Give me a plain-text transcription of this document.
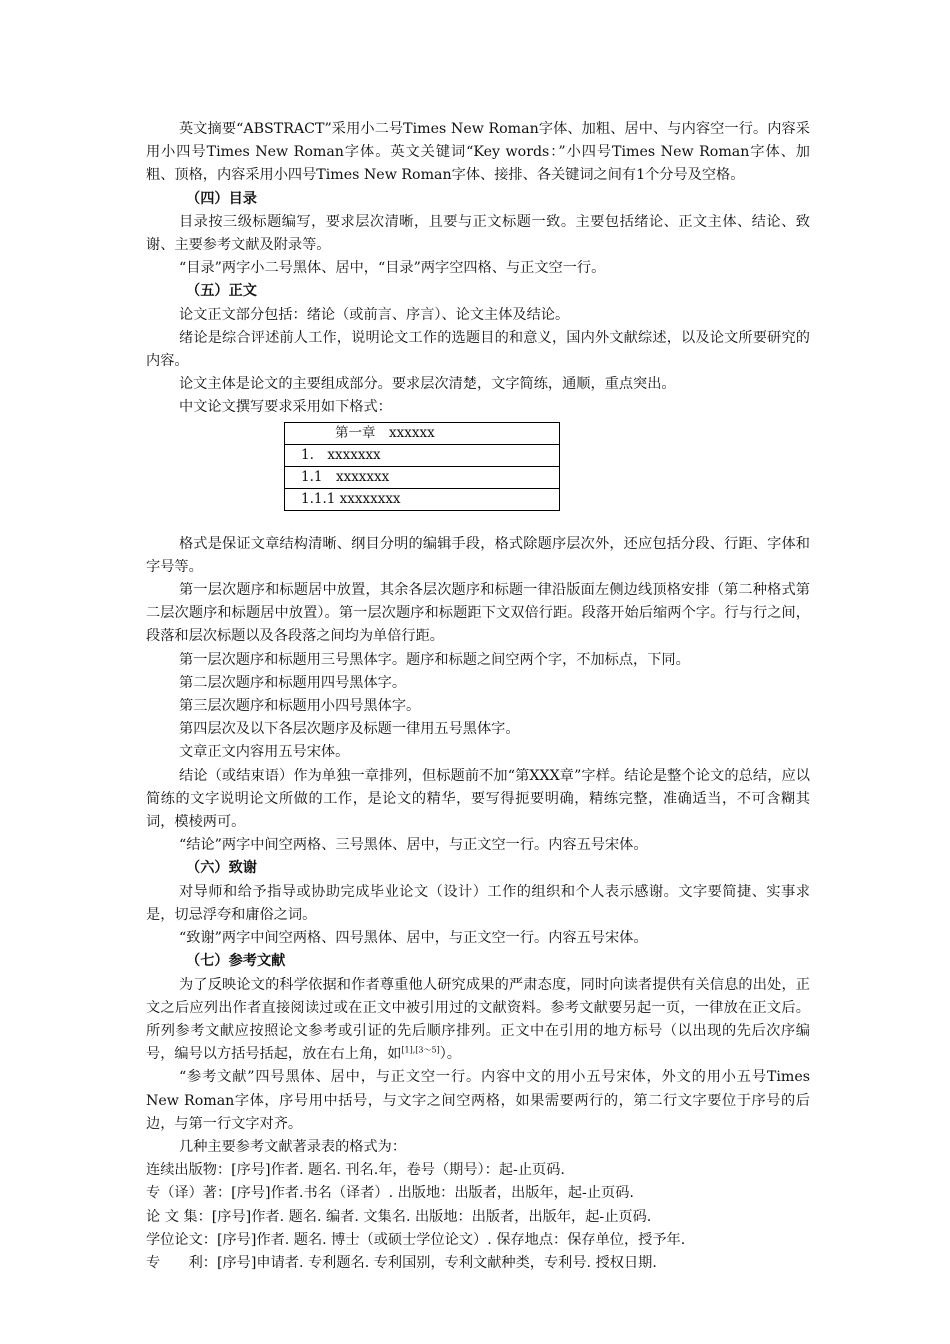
英文摘要“ABSTRACT”采用小二号Times New Roman字体、加粗、居中、与内容空一行。内容采用小四号Times New Roman字体。英文关键词“Key words：”小四号Times New Roman字体、加粗、顶格，内容采用小四号Times New Roman字体、接排、各关键词之间有1个分号及空格。

（四）目录

目录按三级标题编写，要求层次清晰，且要与正文标题一致。主要包括绪论、正文主体、结论、致谢、主要参考文献及附录等。

“目录”两字小二号黑体、居中，“目录”两字空四格、与正文空一行。

（五）正文

论文正文部分包括：绪论（或前言、序言）、论文主体及结论。

绪论是综合评述前人工作，说明论文工作的选题目的和意义，国内外文献综述，以及论文所要研究的内容。

论文主体是论文的主要组成部分。要求层次清楚，文字简练，通顺，重点突出。

中文论文撰写要求采用如下格式：

第一章　xxxxxx
1.　xxxxxxx
1.1　xxxxxxx
1.1.1 xxxxxxxx

格式是保证文章结构清晰、纲目分明的编辑手段，格式除题序层次外，还应包括分段、行距、字体和字号等。

第一层次题序和标题居中放置，其余各层次题序和标题一律沿版面左侧边线顶格安排（第二种格式第二层次题序和标题居中放置）。第一层次题序和标题距下文双倍行距。段落开始后缩两个字。行与行之间，段落和层次标题以及各段落之间均为单倍行距。

第一层次题序和标题用三号黑体字。题序和标题之间空两个字，不加标点，下同。

第二层次题序和标题用四号黑体字。

第三层次题序和标题用小四号黑体字。

第四层次及以下各层次题序及标题一律用五号黑体字。

文章正文内容用五号宋体。

结论（或结束语）作为单独一章排列，但标题前不加“第XXX章”字样。结论是整个论文的总结，应以简练的文字说明论文所做的工作，是论文的精华，要写得扼要明确，精练完整，准确适当，不可含糊其词，模棱两可。

“结论”两字中间空两格、三号黑体、居中，与正文空一行。内容五号宋体。

（六）致谢

对导师和给予指导或协助完成毕业论文（设计）工作的组织和个人表示感谢。文字要简捷、实事求是，切忌浮夸和庸俗之词。

“致谢”两字中间空两格、四号黑体、居中，与正文空一行。内容五号宋体。

（七）参考文献

为了反映论文的科学依据和作者尊重他人研究成果的严肃态度，同时向读者提供有关信息的出处，正文之后应列出作者直接阅读过或在正文中被引用过的文献资料。参考文献要另起一页，一律放在正文后。所列参考文献应按照论文参考或引证的先后顺序排列。正文中在引用的地方标号（以出现的先后次序编号，编号以方括号括起，放在右上角，如[1],[3～5]）。

“参考文献”四号黑体、居中，与正文空一行。内容中文的用小五号宋体，外文的用小五号Times New Roman字体，序号用中括号，与文字之间空两格，如果需要两行的，第二行文字要位于序号的后边，与第一行文字对齐。

几种主要参考文献著录表的格式为：

连续出版物：[序号]作者. 题名. 刊名.年，卷号（期号）：起-止页码.

专（译）著：[序号]作者.书名（译者）. 出版地：出版者，出版年，起-止页码.

论 文 集：[序号]作者. 题名. 编者. 文集名. 出版地：出版者，出版年，起-止页码.

学位论文：[序号]作者. 题名. 博士（或硕士学位论文）. 保存地点：保存单位，授予年.

专　　利：[序号]申请者. 专利题名. 专利国别，专利文献种类，专利号. 授权日期.
